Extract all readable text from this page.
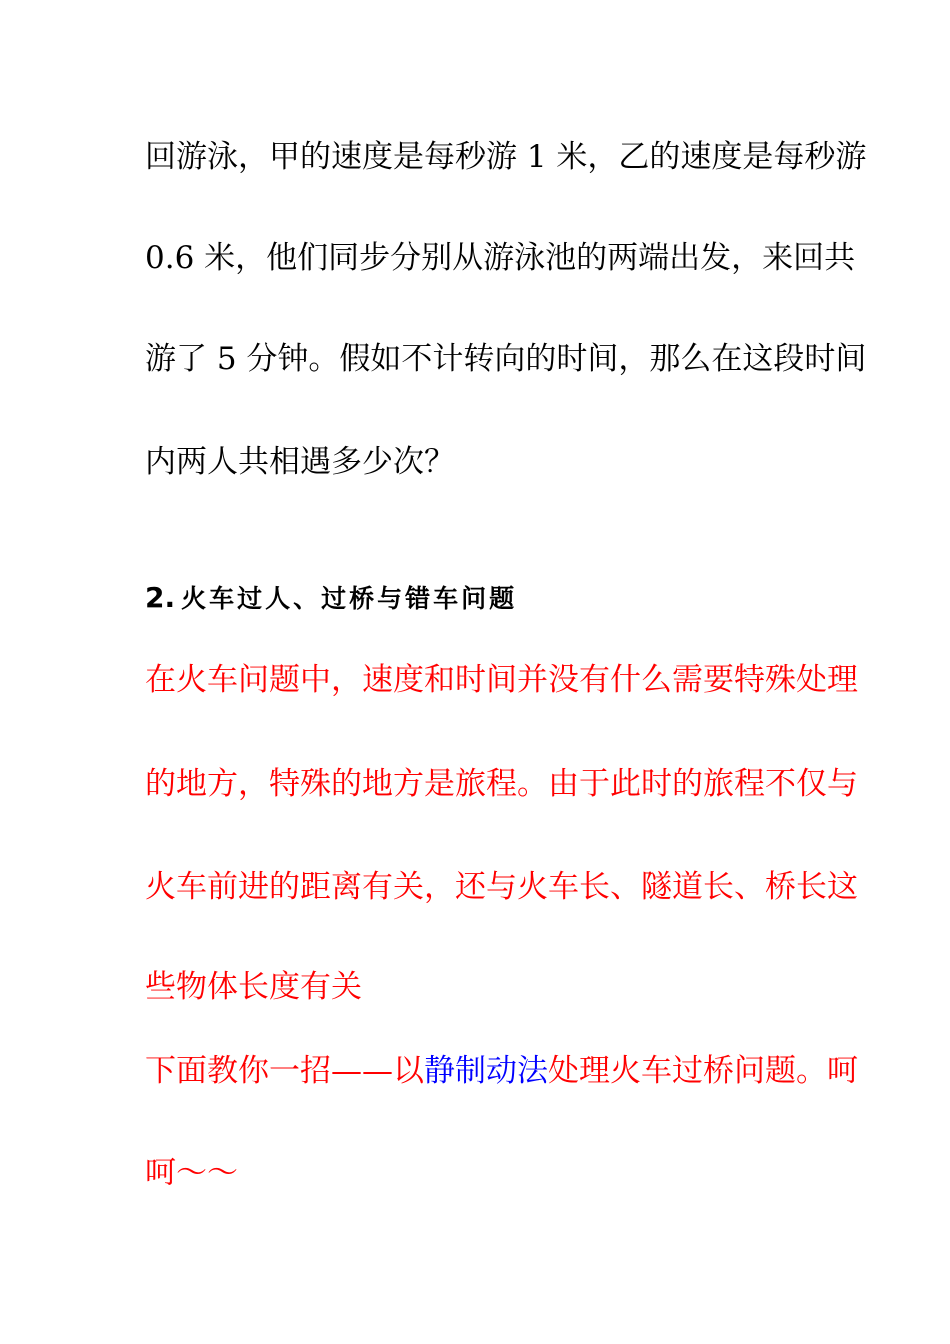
回游泳，甲的速度是每秒游 1 米，乙的速度是每秒游
0.6 米，他们同步分别从游泳池的两端出发，来回共
游了 5 分钟。假如不计转向的时间，那么在这段时间
内两人共相遇多少次？
2. 火车过人、过桥与错车问题
在火车问题中，速度和时间并没有什么需要特殊处理
的地方，特殊的地方是旅程。由于此时的旅程不仅与
火车前进的距离有关，还与火车长、隧道长、桥长这
些物体长度有关
下面教你一招——以静制动法处理火车过桥问题。呵
呵～～
